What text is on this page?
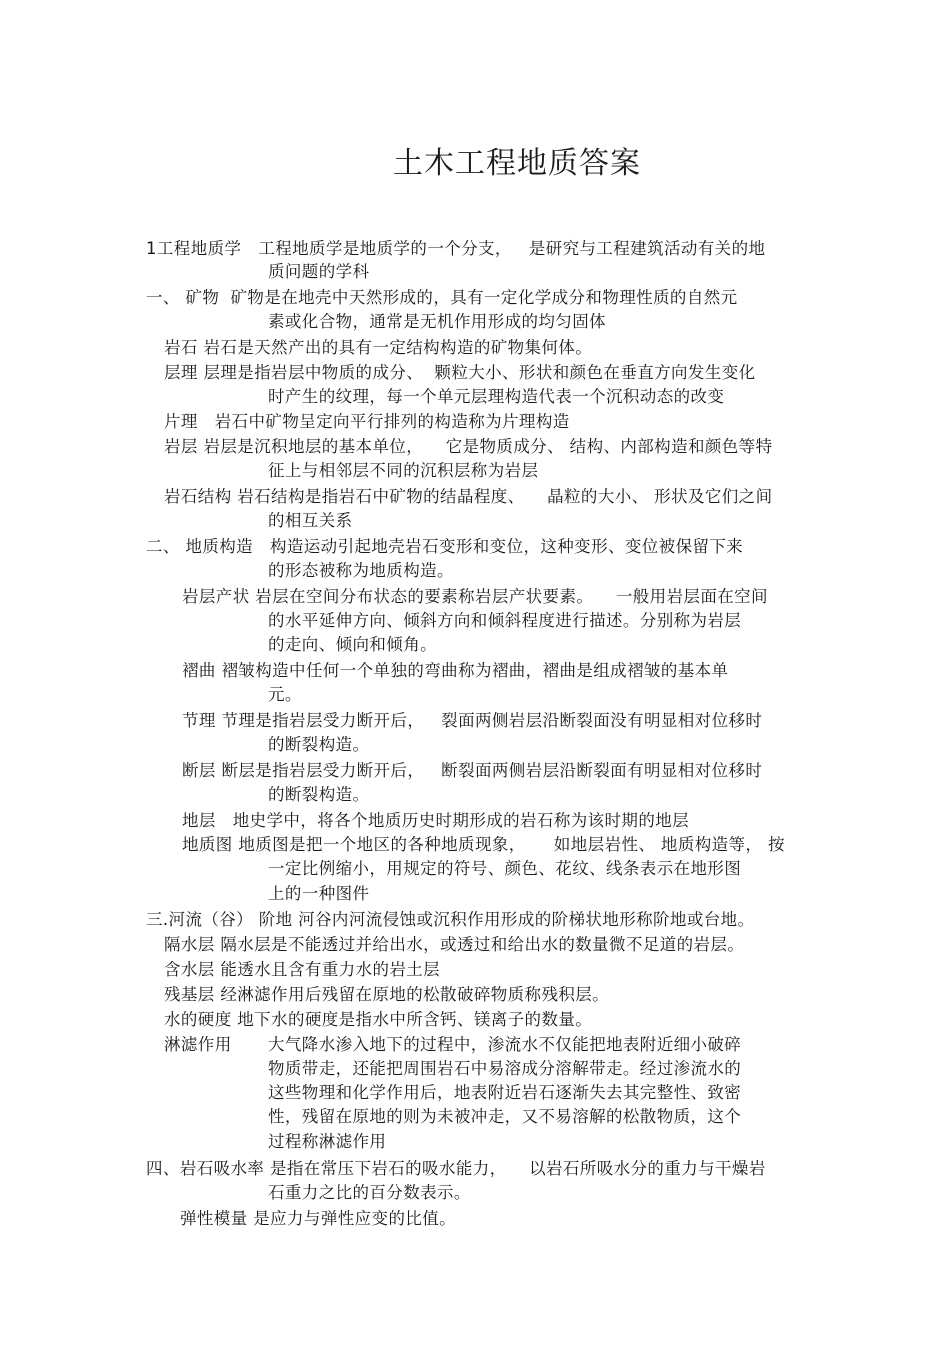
土木工程地质答案
1工程地质学   工程地质学是地质学的一个分支，   是研究与工程建筑活动有关的地
质问题的学科
一、 矿物  矿物是在地壳中天然形成的，具有一定化学成分和物理性质的自然元
素或化合物，通常是无机作用形成的均匀固体
岩石 岩石是天然产出的具有一定结构构造的矿物集何体。
层理 层理是指岩层中物质的成分、  颗粒大小、形状和颜色在垂直方向发生变化
时产生的纹理，每一个单元层理构造代表一个沉积动态的改变
片理   岩石中矿物呈定向平行排列的构造称为片理构造
岩层 岩层是沉积地层的基本单位，    它是物质成分、 结构、内部构造和颜色等特
征上与相邻层不同的沉积层称为岩层
岩石结构 岩石结构是指岩石中矿物的结晶程度、    晶粒的大小、 形状及它们之间
的相互关系
二、 地质构造   构造运动引起地壳岩石变形和变位，这种变形、变位被保留下来
的形态被称为地质构造。
岩层产状 岩层在空间分布状态的要素称岩层产状要素。    一般用岩层面在空间
的水平延伸方向、倾斜方向和倾斜程度进行描述。分别称为岩层
的走向、倾向和倾角。
褶曲 褶皱构造中任何一个单独的弯曲称为褶曲，褶曲是组成褶皱的基本单
元。
节理 节理是指岩层受力断开后，   裂面两侧岩层沿断裂面没有明显相对位移时
的断裂构造。
断层 断层是指岩层受力断开后，   断裂面两侧岩层沿断裂面有明显相对位移时
的断裂构造。
地层   地史学中，将各个地质历史时期形成的岩石称为该时期的地层
地质图 地质图是把一个地区的各种地质现象，     如地层岩性、 地质构造等， 按
一定比例缩小，用规定的符号、颜色、花纹、线条表示在地形图
上的一种图件
三.河流（谷） 阶地 河谷内河流侵蚀或沉积作用形成的阶梯状地形称阶地或台地。
隔水层 隔水层是不能透过并给出水，或透过和给出水的数量微不足道的岩层。
含水层 能透水且含有重力水的岩土层
残基层 经淋滤作用后残留在原地的松散破碎物质称残积层。
水的硬度 地下水的硬度是指水中所含钙、镁离子的数量。
淋滤作用 大气降水渗入地下的过程中，渗流水不仅能把地表附近细小破碎
物质带走，还能把周围岩石中易溶成分溶解带走。经过渗流水的
这些物理和化学作用后，地表附近岩石逐渐失去其完整性、致密
性，残留在原地的则为未被冲走，又不易溶解的松散物质，这个
过程称淋滤作用
四、岩石吸水率 是指在常压下岩石的吸水能力，    以岩石所吸水分的重力与干燥岩
石重力之比的百分数表示。
弹性模量 是应力与弹性应变的比值。
